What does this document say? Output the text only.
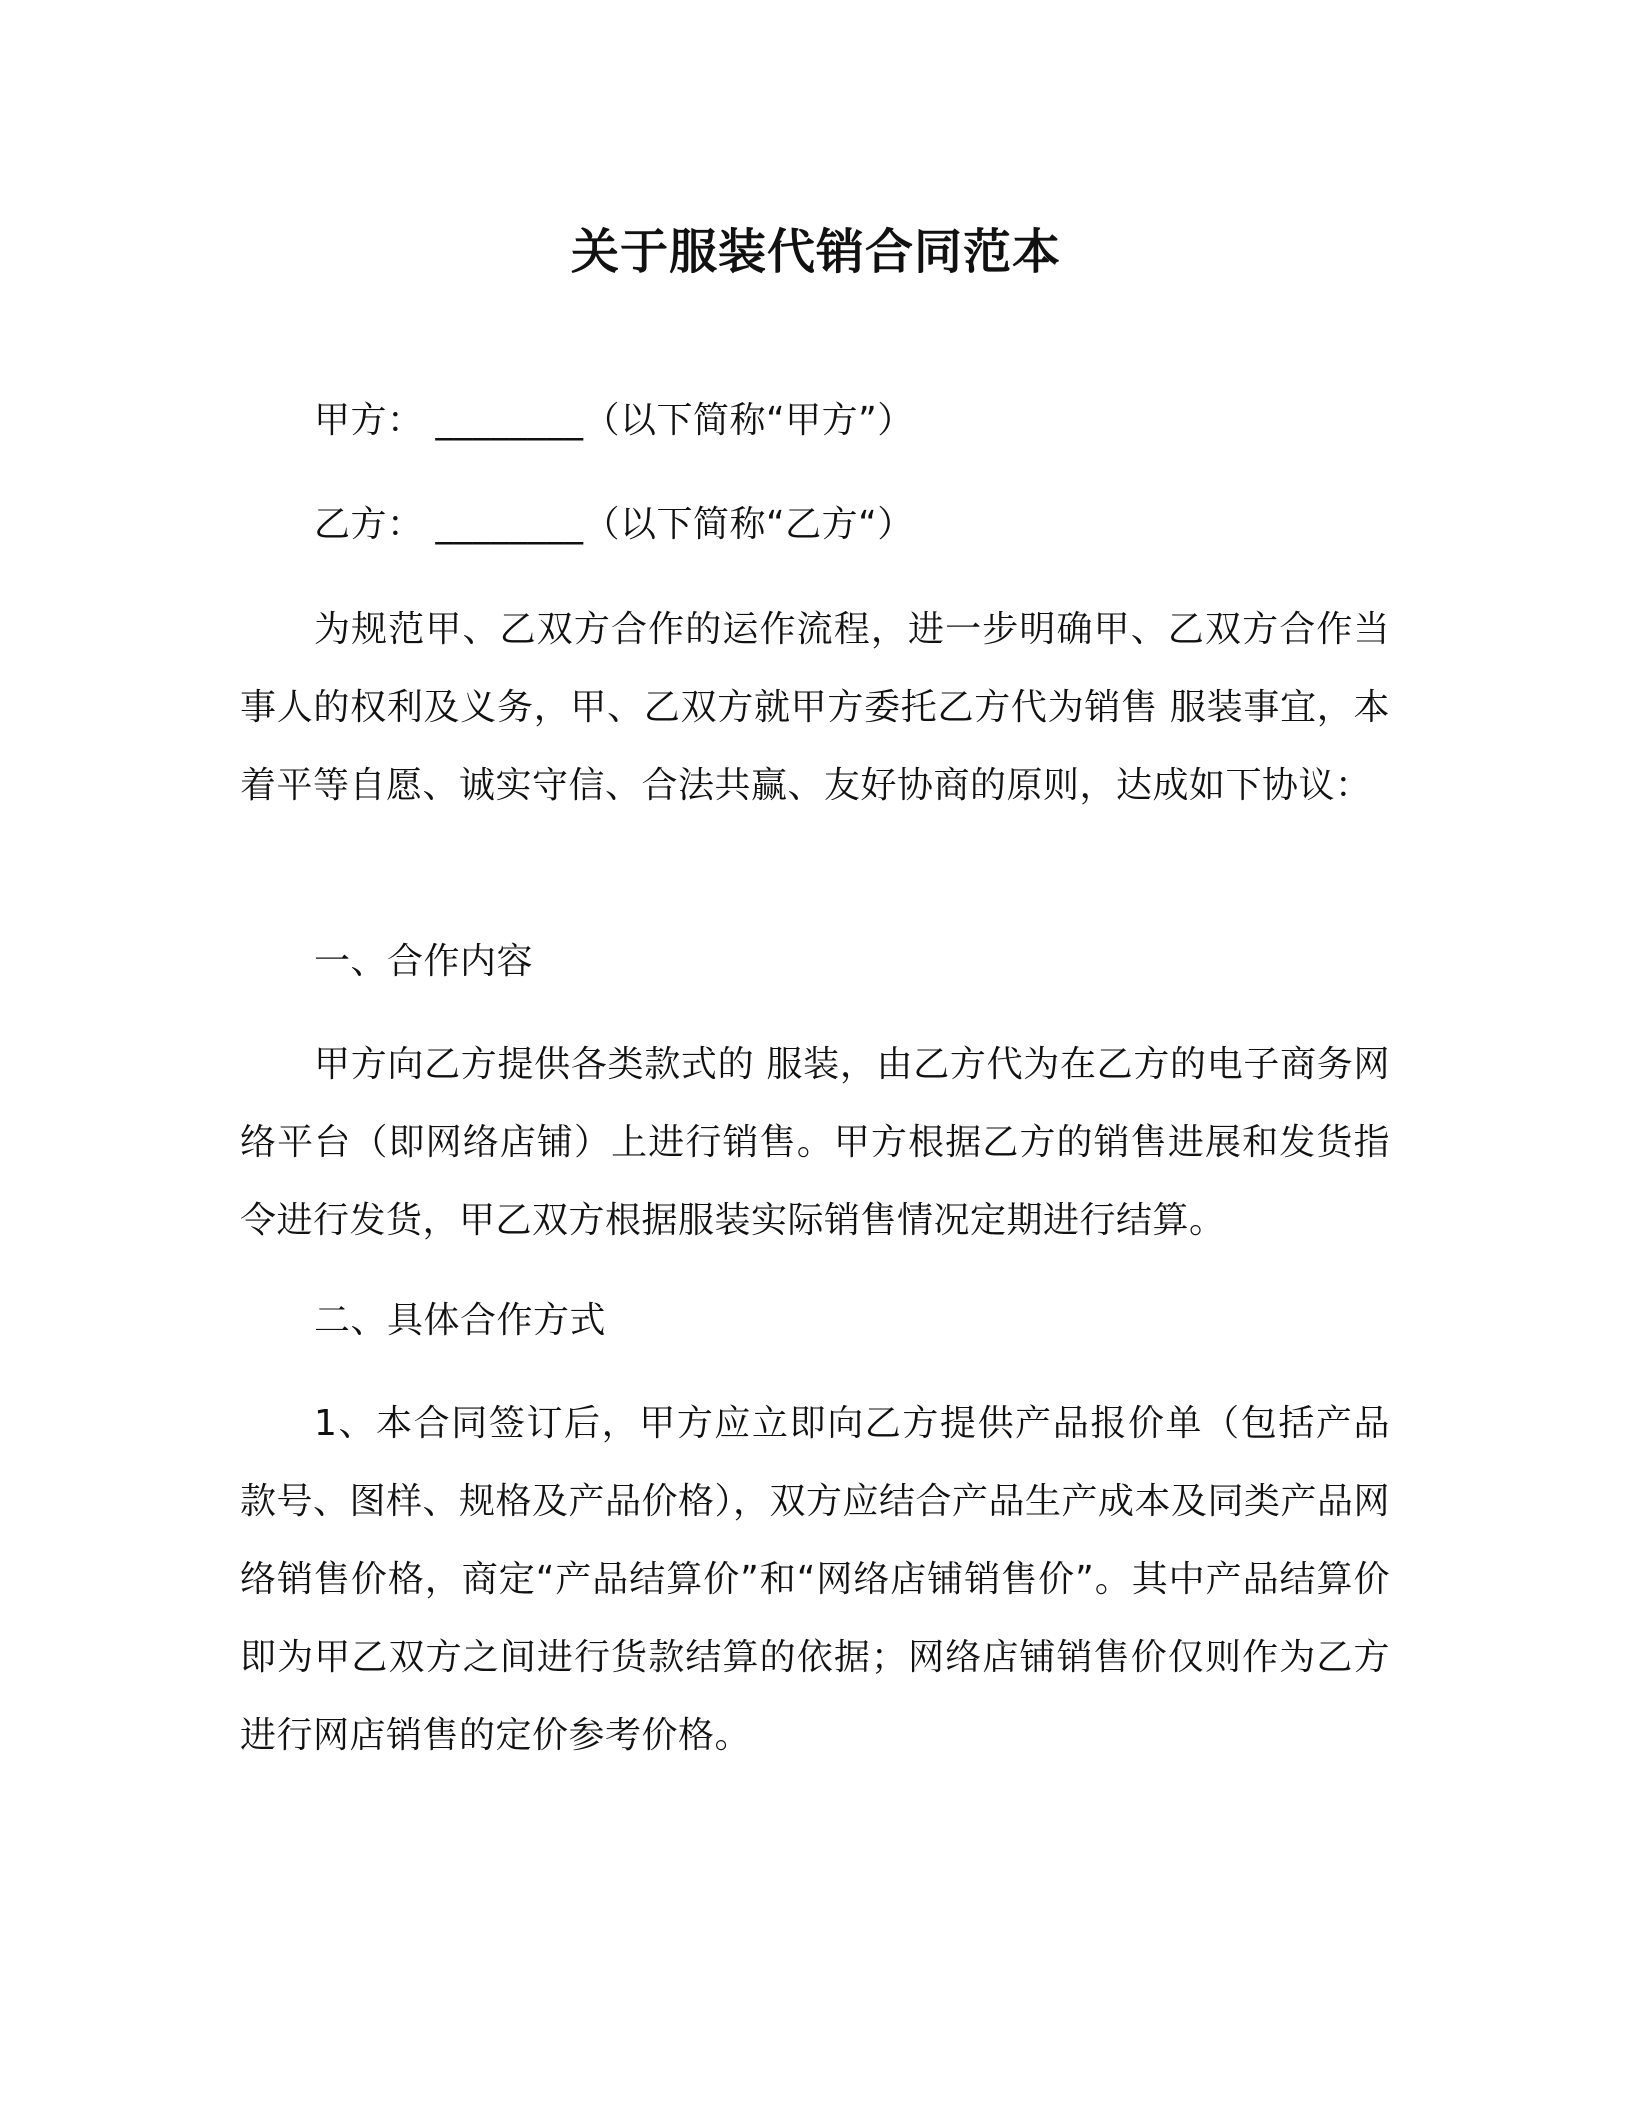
关于服装代销合同范本
甲方： ________（以下简称“甲方”）
乙方： ________（以下简称“乙方“）
为规范甲、乙双方合作的运作流程，进一步明确甲、乙双方合作当事人的权利及义务，甲、乙双方就甲方委托乙方代为销售 服装事宜，本着平等自愿、诚实守信、合法共赢、友好协商的原则，达成如下协议：
一、合作内容
甲方向乙方提供各类款式的 服装，由乙方代为在乙方的电子商务网络平台（即网络店铺）上进行销售。甲方根据乙方的销售进展和发货指令进行发货，甲乙双方根据服装实际销售情况定期进行结算。
二、具体合作方式
1、本合同签订后，甲方应立即向乙方提供产品报价单（包括产品款号、图样、规格及产品价格），双方应结合产品生产成本及同类产品网络销售价格，商定“产品结算价”和“网络店铺销售价”。其中产品结算价即为甲乙双方之间进行货款结算的依据；网络店铺销售价仅则作为乙方进行网店销售的定价参考价格。
